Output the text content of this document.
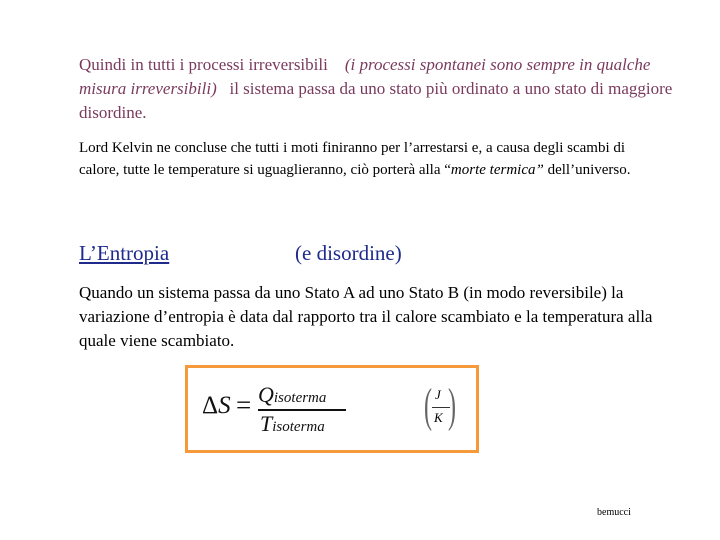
Quindi in tutti i processi irreversibili (i processi spontanei sono sempre in qualche misura irreversibili) il sistema passa da uno stato più ordinato a uno stato di maggiore disordine.

Lord Kelvin ne concluse che tutti i moti finiranno per l’arrestarsi e, a causa degli scambi di calore, tutte le temperature si uguaglieranno, ciò porterà alla “morte termica” dell’universo.

L’Entropia	(e disordine)

Quando un sistema passa da uno Stato A ad uno Stato B (in modo reversibile) la variazione d’entropia è data dal rapporto tra il calore scambiato e la temperatura alla quale viene scambiato.

ΔS = Qisoterma
Tisoterma ( J
K )
bemucci
